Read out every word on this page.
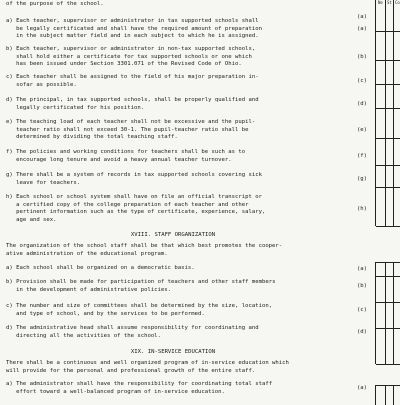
Ne St Co
of the purpose of the school.
(a)
a) Each teacher, supervisor or administrator in tax supported schools shall
be legally certificated and shall have the required amount of preparation
in the subject matter field and in each subject to which he is assigned.
(a)
b) Each teacher, supervisor or administrator in non-tax supported schools,
shall hold either a certificate for tax supported schools or one which
has been issued under Section 3301.071 of the Revised Code of Ohio.
(b)
c) Each teacher shall be assigned to the field of his major preparation in-
sofar as possible.
(c)
d) The principal, in tax supported schools, shall be properly qualified and
legally certificated for his position.
(d)
e) The teaching load of each teacher shall not be excessive and the pupil-
teacher ratio shall not exceed 30-1. The pupil-teacher ratio shall be
determined by dividing the total teaching staff.
(e)
f) The policies and working conditions for teachers shall be such as to
encourage long tenure and avoid a heavy annual teacher turnover.
(f)
g) There shall be a system of records in tax supported schools covering sick
leave for teachers.
(g)
h) Each school or school system shall have on file an official transcript or
a certified copy of the college preparation of each teacher and other
pertinent information such as the type of certificate, experience, salary,
age and sex.
(h)
XVIII. STAFF ORGANIZATION
The organization of the school staff shall be that which best promotes the cooper-
ative administration of the educational program.
a) Each school shall be organized on a democratic basis.	(a)
b) Provision shall be made for participation of teachers and other staff members
in the development of administrative policies.
(b)
c) The number and size of committees shall be determined by the size, location,
and type of school, and by the services to be performed.
(c)
d) The administrative head shall assume responsibility for coordinating and
directing all the activities of the school.
(d)
XIX. IN-SERVICE EDUCATION
There shall be a continuous and well organized program of in-service education which
will provide for the personal and professional growth of the entire staff.
a) The administrator shall have the responsibility for coordinating total staff
effort toward a well-balanced program of in-service education.
(a)
